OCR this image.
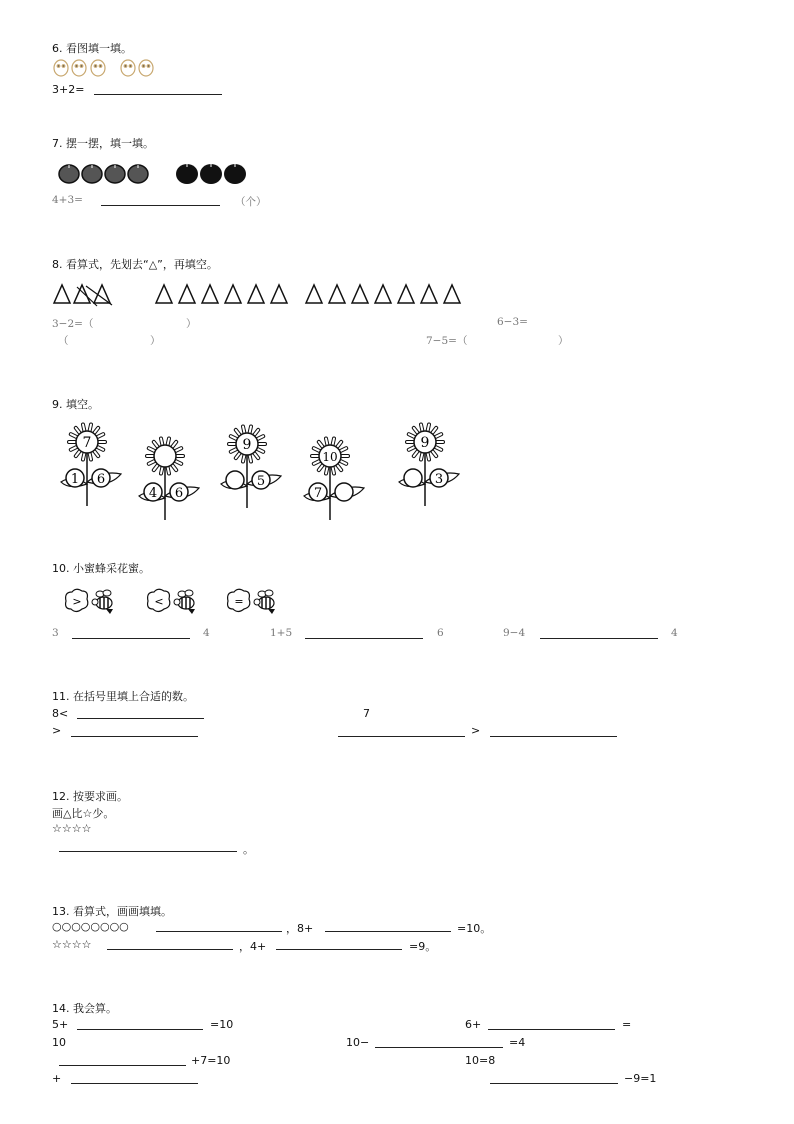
6. 看图填一填。
3+2=
7. 摆一摆，填一填。
4+3=	（个）
8. 看算式，先划去“△”，再填空。
3−2=（	）	6−3=
（	）	7−5=（	）
9. 填空。
7
1 6
4 6
9
5
10
7
9
3
10. 小蜜蜂采花蜜。
>	<	=
3	4	1+5	6	9−4	4
11. 在括号里填上合适的数。
8<	7
>	>
12. 按要求画。
画△比☆少。
☆☆☆☆
。
13. 看算式，画画填填。
○○○○○○○○	，8+	=10。
☆☆☆☆	，4+	=9。
14. 我会算。
5+	=10	6+	=
10	10−	=4
+7=10	10=8
+	−9=1
